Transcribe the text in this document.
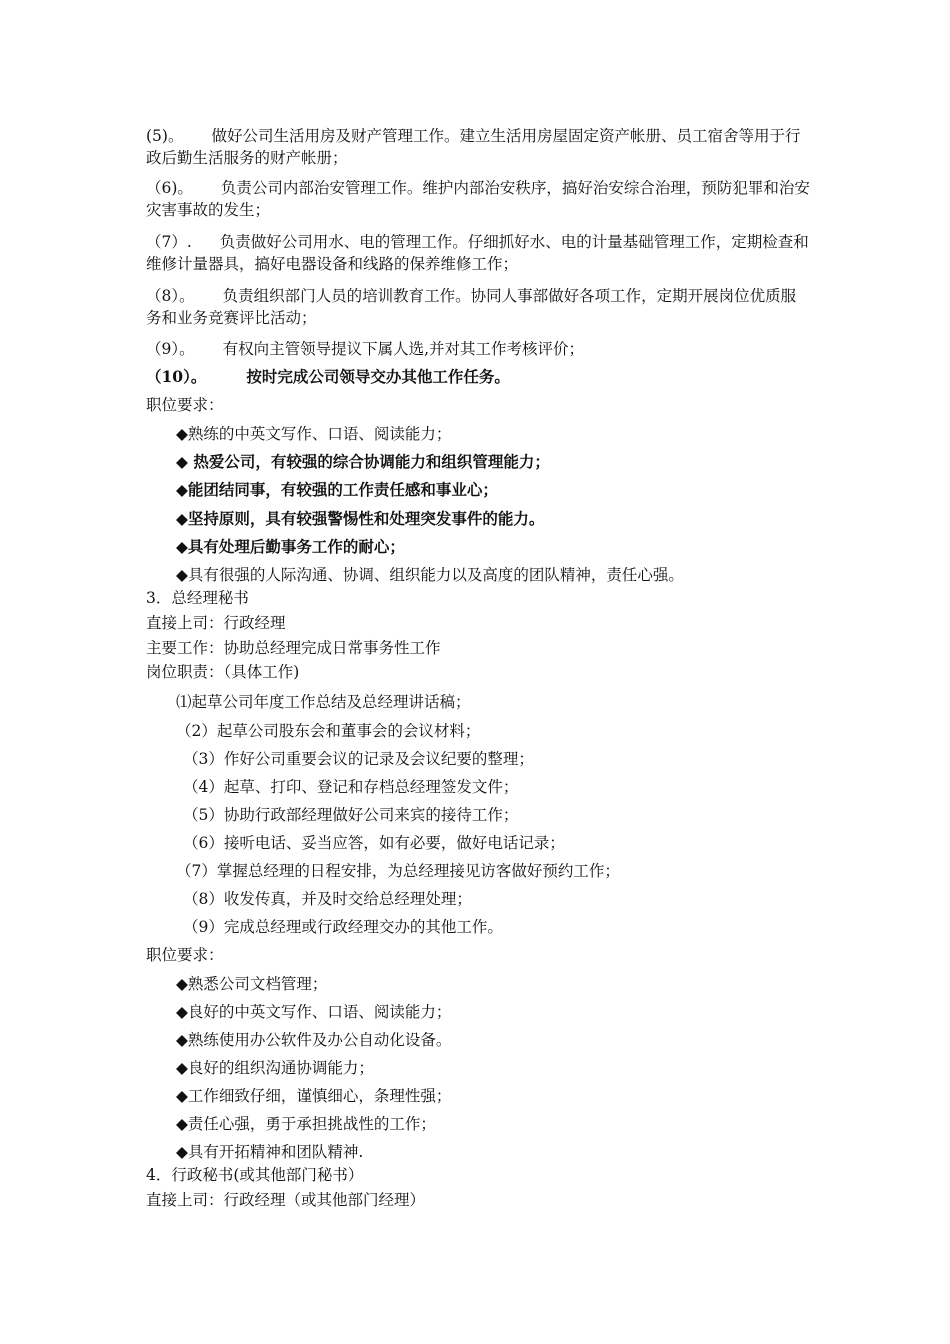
(5)。 做好公司生活用房及财产管理工作。建立生活用房屋固定资产帐册、员工宿舍等用于行政后勤生活服务的财产帐册；
（6)。 负责公司内部治安管理工作。维护内部治安秩序，搞好治安综合治理，预防犯罪和治安灾害事故的发生；
（7）. 负责做好公司用水、电的管理工作。仔细抓好水、电的计量基础管理工作，定期检查和维修计量器具，搞好电器设备和线路的保养维修工作；
（8）。 负责组织部门人员的培训教育工作。协同人事部做好各项工作，定期开展岗位优质服务和业务竞赛评比活动；
（9）。 有权向主管领导提议下属人选,并对其工作考核评价；
（10）。	按时完成公司领导交办其他工作任务。
职位要求：
◆熟练的中英文写作、口语、阅读能力；
◆ 热爱公司，有较强的综合协调能力和组织管理能力；
◆能团结同事，有较强的工作责任感和事业心；
◆坚持原则，具有较强警惕性和处理突发事件的能力。
◆具有处理后勤事务工作的耐心；
◆具有很强的人际沟通、协调、组织能力以及高度的团队精神，责任心强。
3．总经理秘书
直接上司：行政经理
主要工作：协助总经理完成日常事务性工作
岗位职责：（具体工作)
⑴起草公司年度工作总结及总经理讲话稿；
（2）起草公司股东会和董事会的会议材料；
（3）作好公司重要会议的记录及会议纪要的整理；
（4）起草、打印、登记和存档总经理签发文件；
（5）协助行政部经理做好公司来宾的接待工作；
（6）接听电话、妥当应答，如有必要，做好电话记录；
（7）掌握总经理的日程安排，为总经理接见访客做好预约工作；
（8）收发传真，并及时交给总经理处理；
（9）完成总经理或行政经理交办的其他工作。
职位要求：
◆熟悉公司文档管理；
◆良好的中英文写作、口语、阅读能力；
◆熟练使用办公软件及办公自动化设备。
◆良好的组织沟通协调能力；
◆工作细致仔细，谨慎细心，条理性强；
◆责任心强，勇于承担挑战性的工作；
◆具有开拓精神和团队精神.
4．行政秘书(或其他部门秘书）
直接上司：行政经理（或其他部门经理）
